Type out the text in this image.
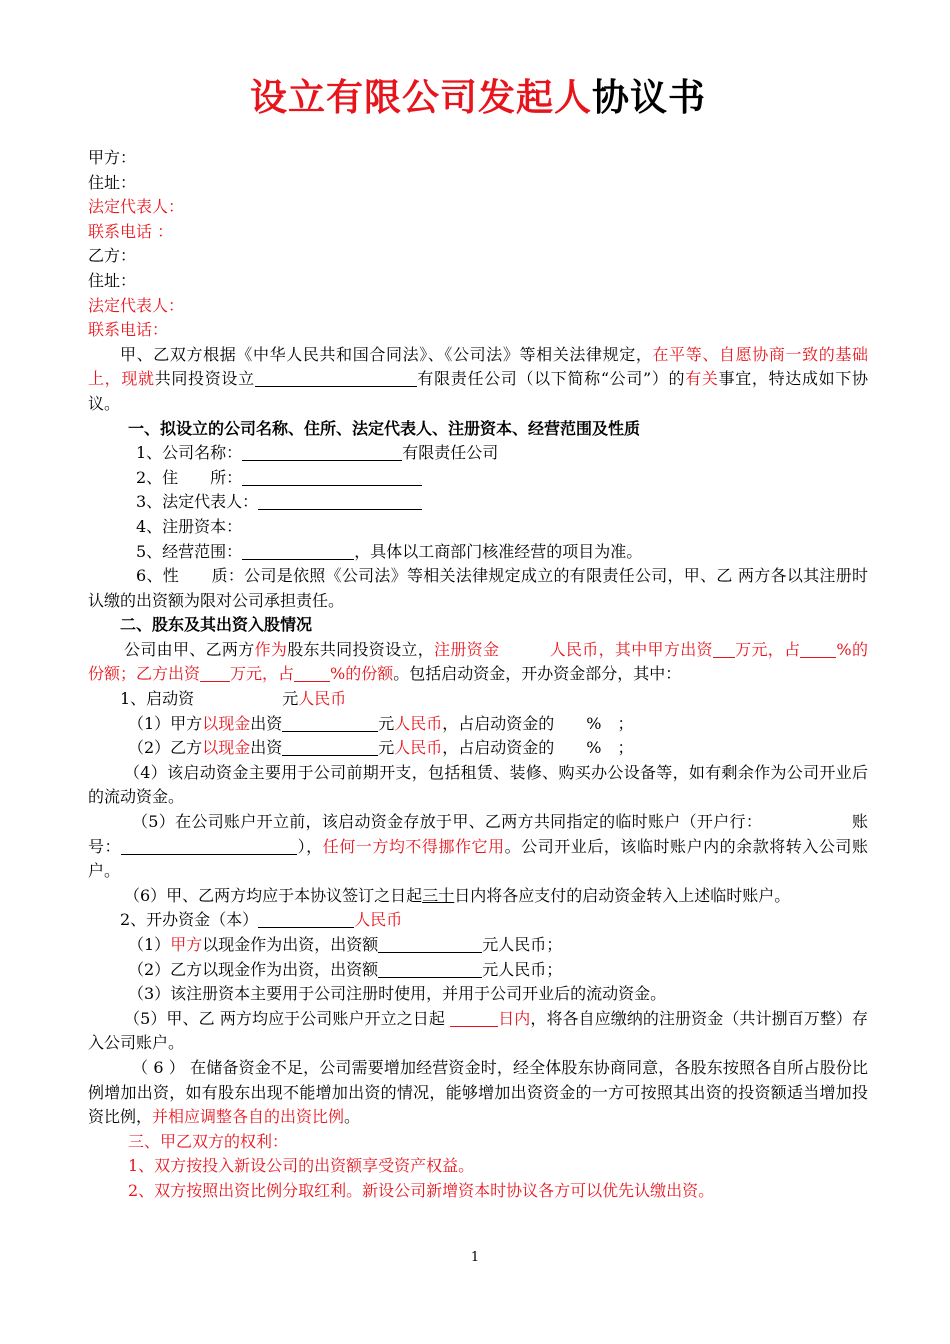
设立有限公司发起人协议书
甲方：
住址：
法定代表人：
联系电话 ：
乙方：
住址：
法定代表人：
联系电话：
甲、乙双方根据《中华人民共和国合同法》、《公司法》等相关法律规定，在平等、自愿协商一致的基础上，现就共同投资设立	有限责任公司（以下简称“公司”）的有关事宜，特达成如下协议。
一、拟设立的公司名称、住所、法定代表人、注册资本、经营范围及性质
1、公司名称：	有限责任公司
2、住　　所：
3、法定代表人：
4、注册资本：
5、经营范围：	，具体以工商部门核准经营的项目为准。
6、性　　质：公司是依照《公司法》等相关法律规定成立的有限责任公司，甲、乙 两方各以其注册时认缴的出资额为限对公司承担责任。
二、股东及其出资入股情况
公司由甲、乙两方作为股东共同投资设立，注册资金	人民币，其中甲方出资 万元，占 %的份额；乙方出资 万元，占 %的份额。包括启动资金，开办资金部分，其中：
1、启动资	元人民币
（1）甲方以现金出资	元人民币，占启动资金的　　%　；
（2）乙方以现金出资	元人民币，占启动资金的　　%　；
（4）该启动资金主要用于公司前期开支，包括租赁、装修、购买办公设备等，如有剩余作为公司开业后的流动资金。
（5）在公司账户开立前，该启动资金存放于甲、乙两方共同指定的临时账户（开户行：　　　　　　账号：	），任何一方均不得挪作它用。公司开业后，该临时账户内的余款将转入公司账户。
（6）甲、乙两方均应于本协议签订之日起三十日内将各应支付的启动资金转入上述临时账户。
2、开办资金（本）	人民币
（1）甲方以现金作为出资，出资额	元人民币；
（2）乙方以现金作为出资，出资额	元人民币；
（3）该注册资本主要用于公司注册时使用，并用于公司开业后的流动资金。
（5）甲、乙 两方均应于公司账户开立之日起	日内，将各自应缴纳的注册资金（共计捌百万整）存入公司账户。
（ 6 ） 在储备资金不足，公司需要增加经营资金时，经全体股东协商同意，各股东按照各自所占股份比例增加出资，如有股东出现不能增加出资的情况，能够增加出资资金的一方可按照其出资的投资额适当增加投资比例，并相应调整各自的出资比例。
三、甲乙双方的权利：
1、双方按投入新设公司的出资额享受资产权益。
2、双方按照出资比例分取红利。新设公司新增资本时协议各方可以优先认缴出资。
1
